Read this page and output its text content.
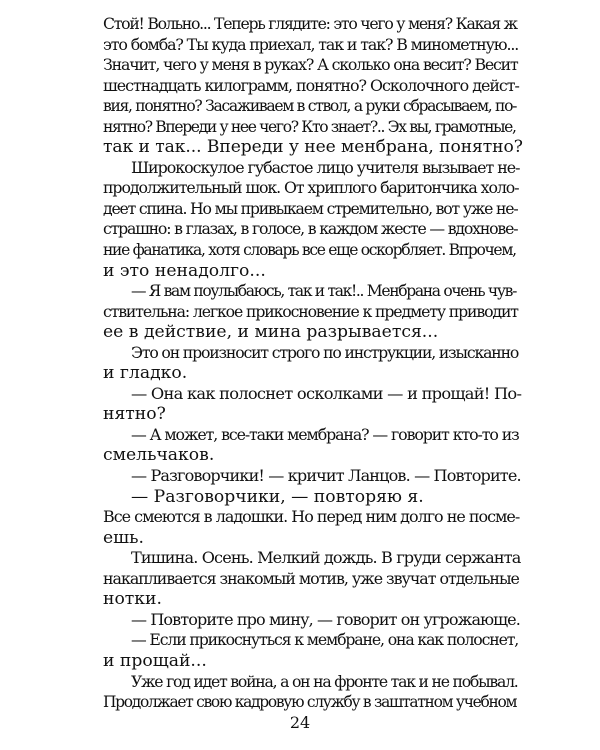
Стой! Вольно... Теперь глядите: это чего у меня? Какая ж
это бомба? Ты куда приехал, так и так? В минометную...
Значит, чего у меня в руках? А сколько она весит? Весит
шестнадцать килограмм, понятно? Осколочного дейст-
вия, понятно? Засаживаем в ствол, а руки сбрасываем, по-
нятно? Впереди у нее чего? Кто знает?.. Эх вы, грамотные,
так и так... Впереди у нее менбрана, понятно?
Широкоскулое губастое лицо учителя вызывает не-
продолжительный шок. От хриплого баритончика холо-
деет спина. Но мы привыкаем стремительно, вот уже не-
страшно: в глазах, в голосе, в каждом жесте — вдохнове-
ние фанатика, хотя словарь все еще оскорбляет. Впрочем,
и это ненадолго...
— Я вам поулыбаюсь, так и так!.. Менбрана очень чув-
ствительна: легкое прикосновение к предмету приводит
ее в действие, и мина разрывается...
Это он произносит строго по инструкции, изысканно
и гладко.
— Она как полоснет осколками — и прощай! По-
нятно?
— А может, все-таки мембрана? — говорит кто-то из
смельчаков.
— Разговорчики! — кричит Ланцов. — Повторите.
— Разговорчики, — повторяю я.
Все смеются в ладошки. Но перед ним долго не посме-
ешь.
Тишина. Осень. Мелкий дождь. В груди сержанта
накапливается знакомый мотив, уже звучат отдельные
нотки.
— Повторите про мину, — говорит он угрожающе.
— Если прикоснуться к мембране, она как полоснет,
и прощай...
Уже год идет война, а он на фронте так и не побывал.
Продолжает свою кадровую службу в заштатном учебном
24
